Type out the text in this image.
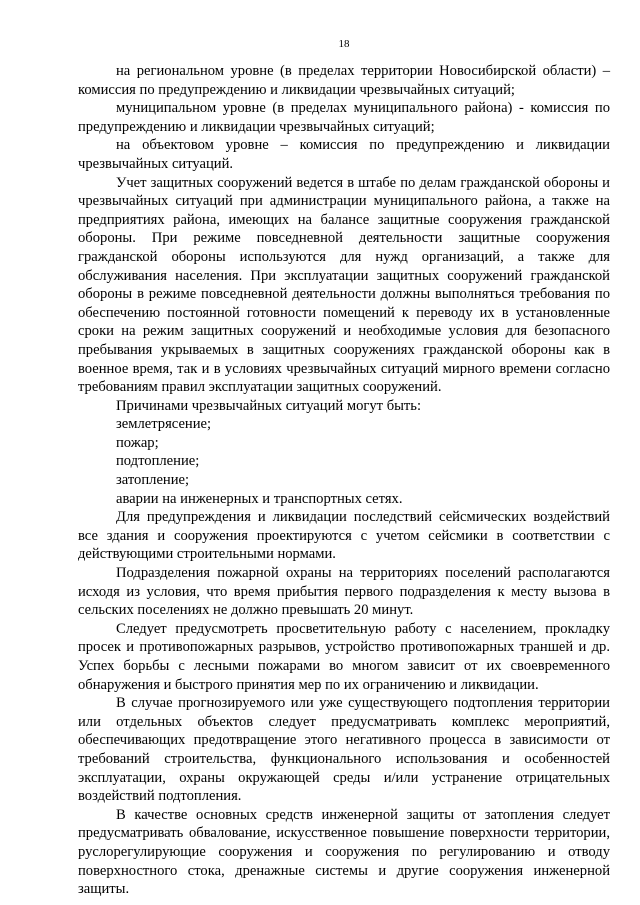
18

на региональном уровне (в пределах территории Новосибирской области) – комиссия по предупреждению и ликвидации чрезвычайных ситуаций;

муниципальном уровне (в пределах муниципального района) - комиссия по предупреждению и ликвидации чрезвычайных ситуаций;

на объектовом уровне – комиссия по предупреждению и ликвидации чрезвычайных ситуаций.

Учет защитных сооружений ведется в штабе по делам гражданской обороны и чрезвычайных ситуаций при администрации муниципального района, а также на предприятиях района, имеющих на балансе защитные сооружения гражданской обороны. При режиме повседневной деятельности защитные сооружения гражданской обороны используются для нужд организаций, а также для обслуживания населения. При эксплуатации защитных сооружений гражданской обороны в режиме повседневной деятельности должны выполняться требования по обеспечению постоянной готовности помещений к переводу их в установленные сроки на режим защитных сооружений и необходимые условия для безопасного пребывания укрываемых в защитных сооружениях гражданской обороны как в военное время, так и в условиях чрезвычайных ситуаций мирного времени согласно требованиям правил эксплуатации защитных сооружений.

Причинами чрезвычайных ситуаций могут быть:

землетрясение;

пожар;

подтопление;

затопление;

аварии на инженерных и транспортных сетях.

Для предупреждения и ликвидации последствий сейсмических воздействий все здания и сооружения проектируются с учетом сейсмики в соответствии с действующими строительными нормами.

Подразделения пожарной охраны на территориях поселений располагаются исходя из условия, что время прибытия первого подразделения к месту вызова в сельских поселениях не должно превышать 20 минут.

Следует предусмотреть просветительную работу с населением, прокладку просек и противопожарных разрывов, устройство противопожарных траншей и др. Успех борьбы с лесными пожарами во многом зависит от их своевременного обнаружения и быстрого принятия мер по их ограничению и ликвидации.

В случае прогнозируемого или уже существующего подтопления территории или отдельных объектов следует предусматривать комплекс мероприятий, обеспечивающих предотвращение этого негативного процесса в зависимости от требований строительства, функционального использования и особенностей эксплуатации, охраны окружающей среды и/или устранение отрицательных воздействий подтопления.

В качестве основных средств инженерной защиты от затопления следует предусматривать обвалование, искусственное повышение поверхности территории, руслорегулирующие сооружения и сооружения по регулированию и отводу поверхностного стока, дренажные системы и другие сооружения инженерной защиты.
